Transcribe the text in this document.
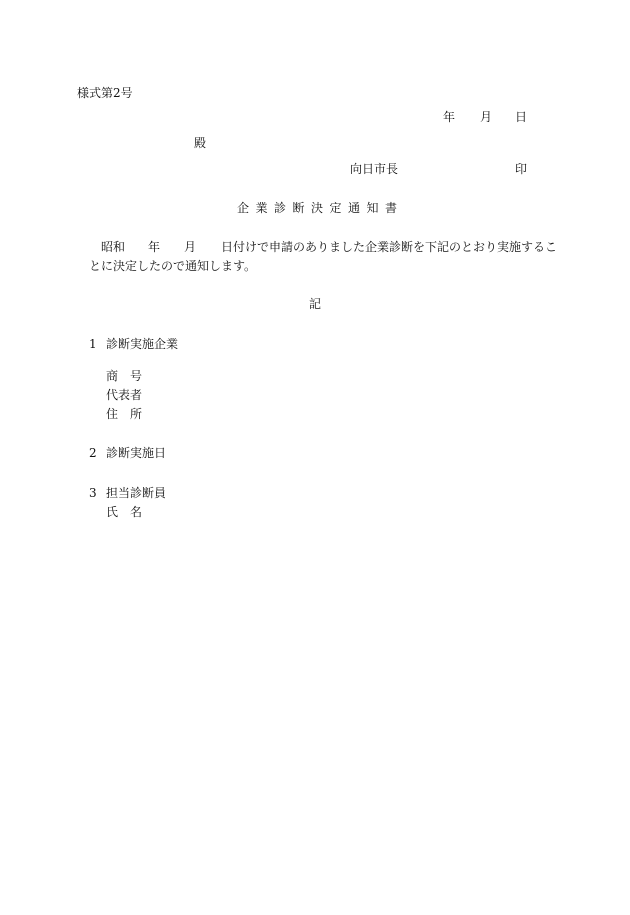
様式第2号
年 月 日
殿
向日市長	印
企業診断決定通知書
昭和 年 月 日付けで申請のありました企業診断を下記のとおり実施するこ
とに決定したので通知します。
記
1 診断実施企業
商　号
代表者
住　所
2 診断実施日
3 担当診断員
氏　名
